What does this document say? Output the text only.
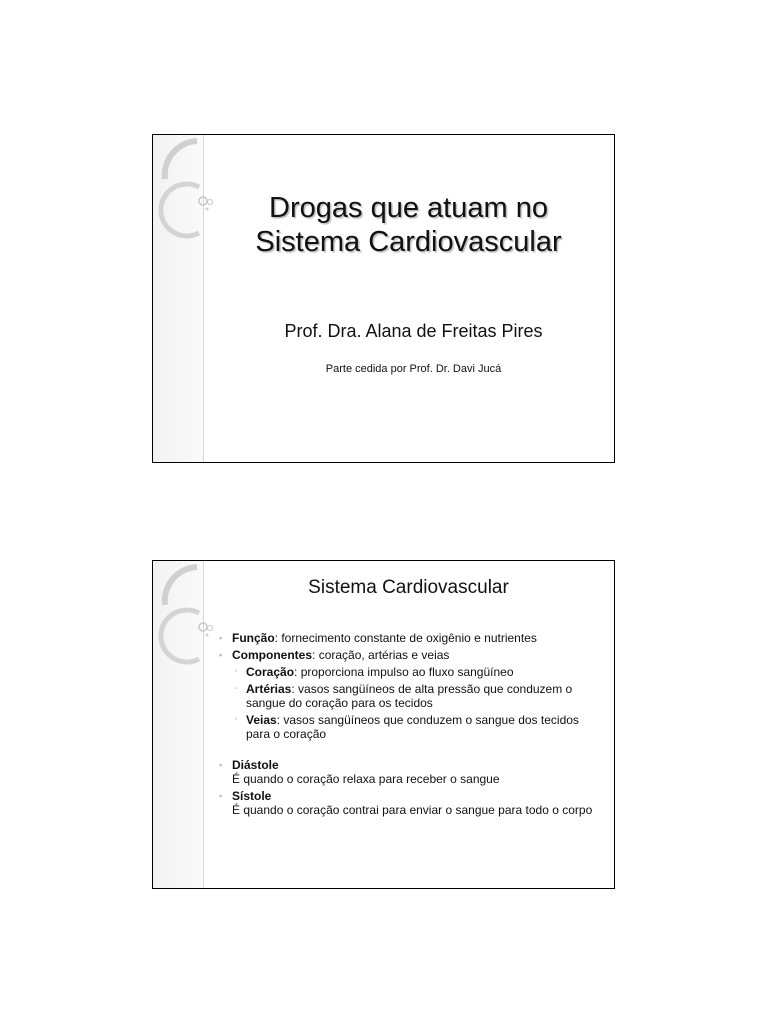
Drogas que atuam no
Sistema Cardiovascular
Prof. Dra. Alana de Freitas Pires
Parte cedida por Prof. Dr. Davi Jucá
Sistema Cardiovascular
▪ Função: fornecimento constante de oxigênio e nutrientes
▪ Componentes: coração, artérias e veias
◦ Coração: proporciona impulso ao fluxo sangüíneo
◦ Artérias: vasos sangüíneos de alta pressão que conduzem o sangue do coração para os tecidos
◦ Veias: vasos sangüíneos que conduzem o sangue dos tecidos para o coração
▪ Diástole
É quando o coração relaxa para receber o sangue
▪ Sístole
É quando o coração contrai para enviar o sangue para todo o corpo
